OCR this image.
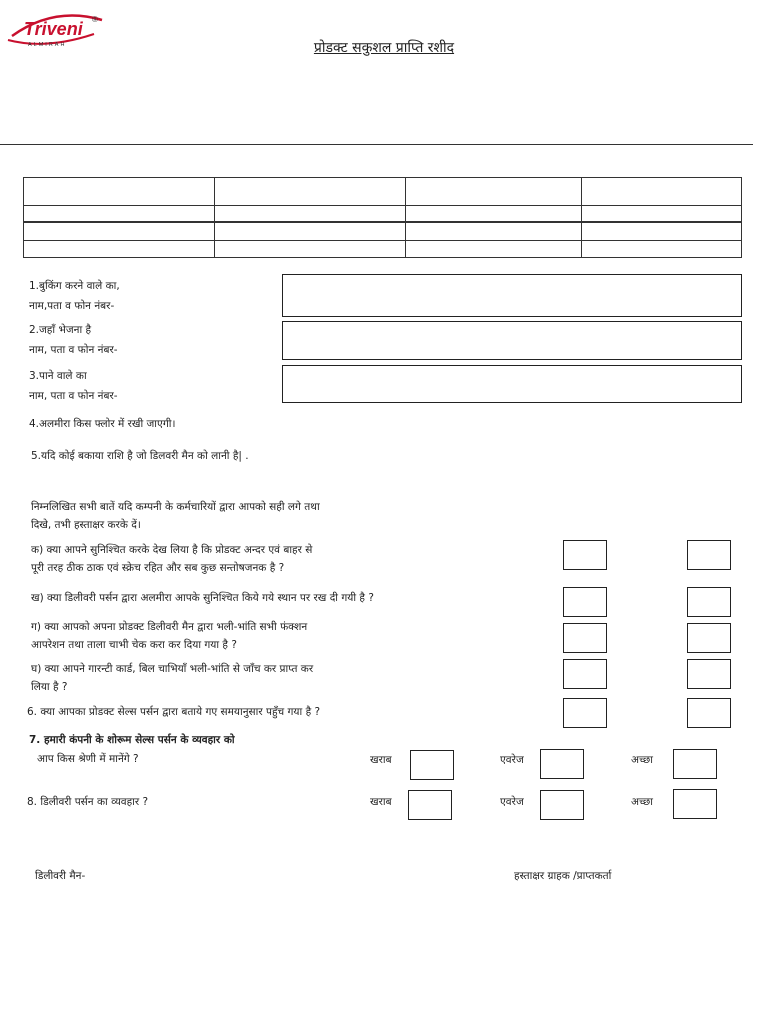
Triveni ®
ALMIRAH	प्रोडक्ट सकुशल प्राप्ति रशीद

1.बुकिंग करने वाले का,
नाम,पता व फोन नंबर-
2.जहाँ भेजना है
नाम, पता व फोन नंबर-
3.पाने वाले का
नाम, पता व फोन नंबर-
4.अलमीरा किस फ्लोर में रखी जाएगी।
5.यदि कोई बकाया राशि है जो डिलवरी मैन को लानी है| .
निम्नलिखित सभी बातें यदि कम्पनी के कर्मचारियों द्वारा आपको सही लगे तथा
दिखे, तभी हस्ताक्षर करके दें।
क) क्या आपने सुनिश्चित करके देख लिया है कि प्रोडक्ट अन्दर एवं बाहर से
पूरी तरह ठीक ठाक एवं स्क्रेच रहित और सब कुछ सन्तोषजनक है ?
ख) क्या डिलीवरी पर्सन द्वारा अलमीरा आपके सुनिश्चित किये गये स्थान पर रख दी गयी है ?
ग) क्या आपको अपना प्रोडक्ट डिलीवरी मैन द्वारा भली-भांति सभी फंक्शन
आपरेशन तथा ताला चाभी चेक करा कर दिया गया है ?
घ) क्या आपने गारन्टी कार्ड, बिल चाभियाँ भली-भांति से जाँच कर प्राप्त कर
लिया है ?
6. क्या आपका प्रोडक्ट सेल्स पर्सन द्वारा बताये गए समयानुसार पहुँच गया है ?
7. हमारी कंपनी के शोरूम सेल्स पर्सन के व्यवहार को
आप किस श्रेणी में मानेंगे ?	खराब	एवरेज	अच्छा
8. डिलीवरी पर्सन का व्यवहार ?	खराब	एवरेज	अच्छा
डिलीवरी मैन-	हस्ताक्षर ग्राहक /प्राप्तकर्ता
